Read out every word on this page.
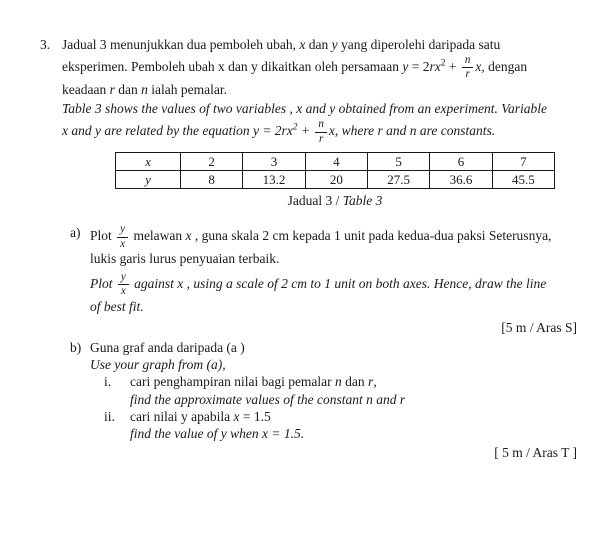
3. Jadual 3 menunjukkan dua pemboleh ubah, x dan y yang diperolehi daripada satu eksperimen. Pemboleh ubah x dan y dikaitkan oleh persamaan $y = 2rx^2 + \frac{n}{r} x$, dengan keadaan r dan n ialah pemalar.

Table 3 shows the values of two variables , x and y obtained from an experiment. Variable x and y are related by the equation $y = 2rx^2 + \frac{n}{r} x$, where r and n are constants.

x	2	3	4	5	6	7
y	8	13.2	20	27.5	36.6	45.5

Jadual 3 / Table 3

a) Plot $\frac{y}{x}$ melawan x , guna skala 2 cm kepada 1 unit pada kedua-dua paksi Seterusnya, lukis garis lurus penyuaian terbaik.

Plot $\frac{y}{x}$ against x , using a scale of 2 cm to 1 unit on both axes. Hence, draw the line of best fit.

[5 m / Aras S]

b) Guna graf anda daripada (a )

Use your graph from (a),

i.	cari penghampiran nilai bagi pemalar n dan r,

find the approximate values of the constant n and r

ii.	cari nilai y apabila x = 1.5

find the value of y when x = 1.5.

[ 5 m / Aras T ]
